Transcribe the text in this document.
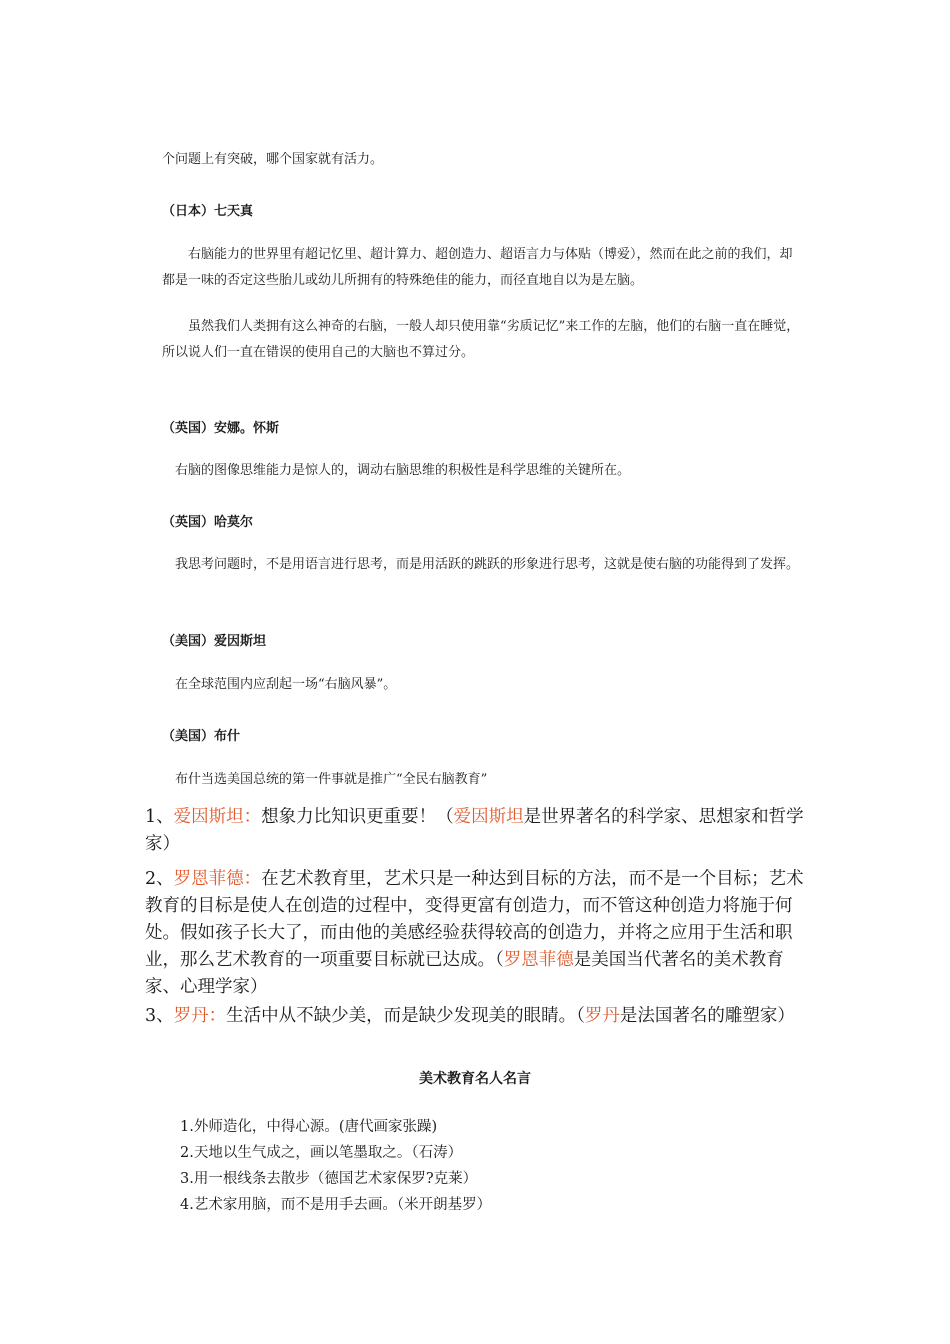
个问题上有突破，哪个国家就有活力。
（日本）七天真
右脑能力的世界里有超记忆里、超计算力、超创造力、超语言力与体贴（博爱），然而在此之前的我们，却都是一味的否定这些胎儿或幼儿所拥有的特殊绝佳的能力，而径直地自以为是左脑。
虽然我们人类拥有这么神奇的右脑，一般人却只使用靠“劣质记忆”来工作的左脑，他们的右脑一直在睡觉，所以说人们一直在错误的使用自己的大脑也不算过分。
（英国）安娜。怀斯
右脑的图像思维能力是惊人的，调动右脑思维的积极性是科学思维的关键所在。
（英国）哈莫尔
我思考问题时，不是用语言进行思考，而是用活跃的跳跃的形象进行思考，这就是使右脑的功能得到了发挥。
（美国）爱因斯坦
在全球范围内应刮起一场“右脑风暴”。
（美国）布什
布什当选美国总统的第一件事就是推广“全民右脑教育”
1、爱因斯坦：想象力比知识更重要！（爱因斯坦是世界著名的科学家、思想家和哲学家）
2、罗恩菲德：在艺术教育里，艺术只是一种达到目标的方法，而不是一个目标；艺术教育的目标是使人在创造的过程中，变得更富有创造力，而不管这种创造力将施于何处。假如孩子长大了，而由他的美感经验获得较高的创造力，并将之应用于生活和职业，那么艺术教育的一项重要目标就已达成。（罗恩菲德是美国当代著名的美术教育家、心理学家）
3、罗丹：生活中从不缺少美，而是缺少发现美的眼睛。（罗丹是法国著名的雕塑家）
美术教育名人名言
1.外师造化，中得心源。(唐代画家张躁)
2.天地以生气成之，画以笔墨取之。（石涛）
3.用一根线条去散步（德国艺术家保罗?克莱）
4.艺术家用脑，而不是用手去画。（米开朗基罗）
